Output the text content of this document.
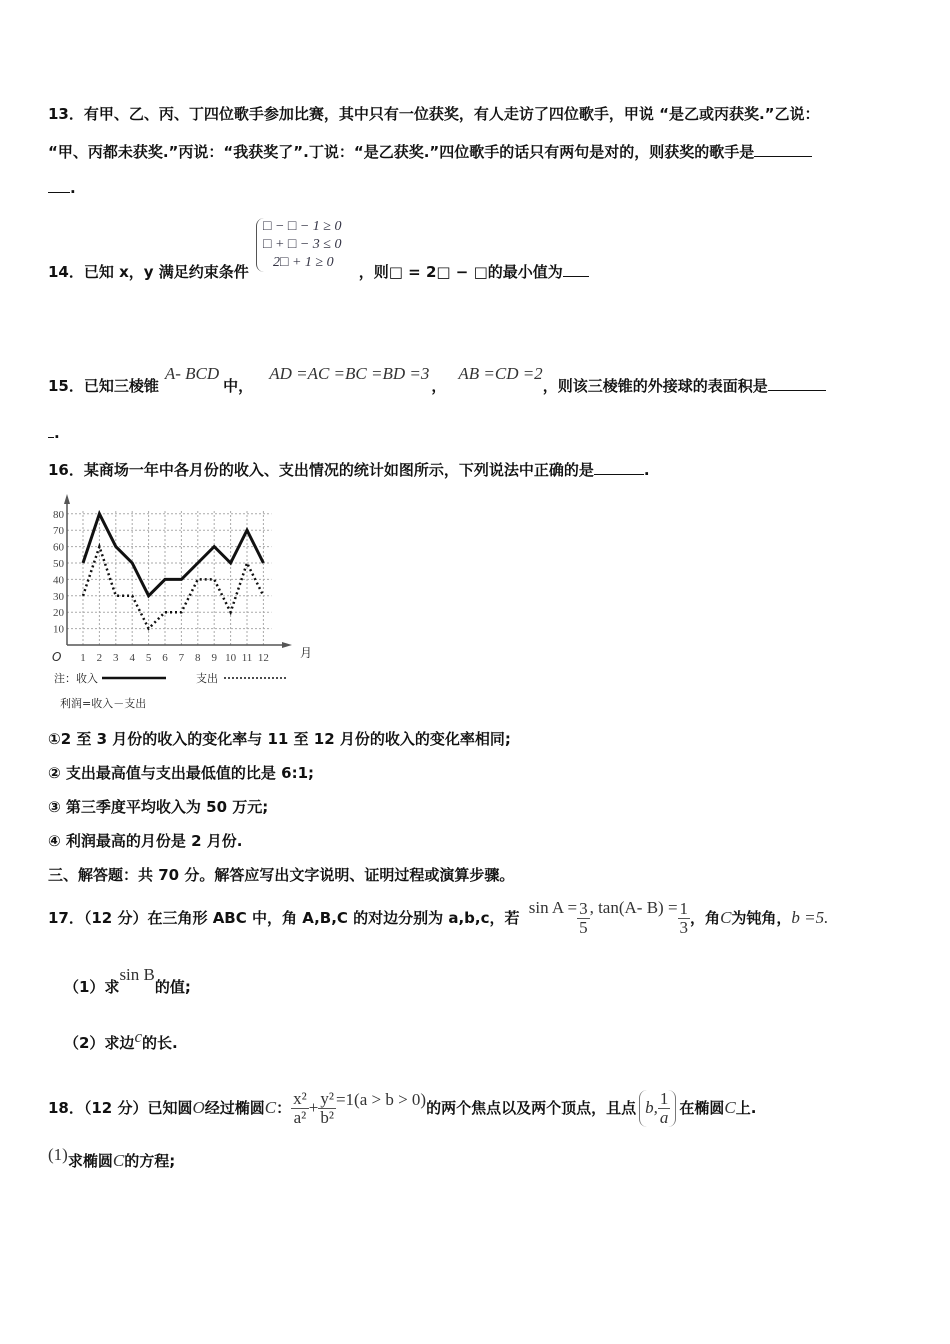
13．有甲、乙、丙、丁四位歌手参加比赛，其中只有一位获奖，有人走访了四位歌手，甲说 “是乙或丙获奖.”乙说：
“甲、丙都未获奖.”丙说：“我获奖了”.丁说：“是乙获奖.”四位歌手的话只有两句是对的，则获奖的歌手是
.
□ − □ − 1 ≥ 0
□ + □ − 3 ≤ 0
2□ + 1 ≥ 0
14．已知 x，y 满足约束条件	，则□ = 2□ − □的最小值为
15．已知三棱锥A- BCD中，AD =AC =BC =BD =3，AB =CD =2，则该三棱锥的外接球的表面积是
.
16．某商场一年中各月份的收入、支出情况的统计如图所示，下列说法中正确的是	.
10
20
30
40
50
60
70
80
1 2 3 4 5 6 7 8 9 10 11 12
O	月
注：收入	支出
利润=收入－支出
①2 至 3 月份的收入的变化率与 11 至 12 月份的收入的变化率相同;
② 支出最高值与支出最低值的比是 6:1;
③ 第三季度平均收入为 50 万元;
④ 利润最高的月份是 2 月份.
三、解答题：共 70 分。解答应写出文字说明、证明过程或演算步骤。
17．（12 分）在三角形 ABC 中，角 A,B,C 的对边分别为 a,b,c，若 $\sin A = \frac{3}{5}$ , tan(A- $B) = \frac{1}{3}$ ，角C为钝角，b =5.
（1）求sin B的值;
（2）求边c的长.
18．（12 分）已知圆O经过椭圆C： $\frac{\text{x²}}{\text{a²}} + \frac{\text{y²}}{\text{b²}} =1(a > b > 0)$的两个焦点以及两个顶点，且点 b, $\frac{1}{a}$ 在椭圆C上.
(1)求椭圆C的方程;
